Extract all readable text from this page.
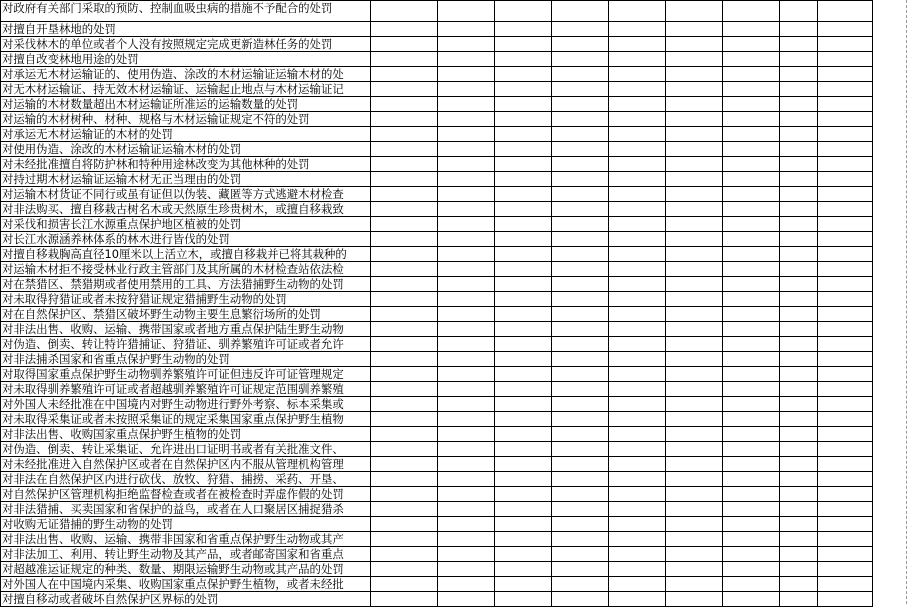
对政府有关部门采取的预防、控制血吸虫病的措施不予配合的处罚									
对擅自开垦林地的处罚									
对采伐林木的单位或者个人没有按照规定完成更新造林任务的处罚									
对擅自改变林地用途的处罚									
对承运无木材运输证的、使用伪造、涂改的木材运输证运输木材的处									
对无木材运输证、持无效木材运输证、运输起止地点与木材运输证记									
对运输的木材数量超出木材运输证所准运的运输数量的处罚									
对运输的木材树种、材种、规格与木材运输证规定不符的处罚									
对承运无木材运输证的木材的处罚									
对使用伪造、涂改的木材运输证运输木材的处罚									
对未经批准擅自将防护林和特种用途林改变为其他林种的处罚									
对持过期木材运输证运输木材无正当理由的处罚									
对运输木材货证不同行或虽有证但以伪装、藏匿等方式逃避木材检查									
对非法购买、擅自移栽古树名木或天然原生珍贵树木，或擅自移栽致									
对采伐和损害长江水源重点保护地区植被的处罚									
对长江水源涵养林体系的林木进行皆伐的处罚									
对擅自移栽胸高直径10厘米以上活立木，或擅自移栽并已将其栽种的									
对运输木材拒不接受林业行政主管部门及其所属的木材检查站依法检									
对在禁猎区、禁猎期或者使用禁用的工具、方法猎捕野生动物的处罚									
对未取得狩猎证或者未按狩猎证规定猎捕野生动物的处罚									
对在自然保护区、禁猎区破坏野生动物主要生息繁衍场所的处罚									
对非法出售、收购、运输、携带国家或者地方重点保护陆生野生动物									
对伪造、倒卖、转让特许猎捕证、狩猎证、驯养繁殖许可证或者允许									
对非法捕杀国家和省重点保护野生动物的处罚									
对取得国家重点保护野生动物驯养繁殖许可证但违反许可证管理规定									
对未取得驯养繁殖许可证或者超越驯养繁殖许可证规定范围驯养繁殖									
对外国人未经批准在中国境内对野生动物进行野外考察、标本采集或									
对未取得采集证或者未按照采集证的规定采集国家重点保护野生植物									
对非法出售、收购国家重点保护野生植物的处罚									
对伪造、倒卖、转让采集证、允许进出口证明书或者有关批准文件、									
对未经批准进入自然保护区或者在自然保护区内不服从管理机构管理									
对非法在自然保护区内进行砍伐、放牧、狩猎、捕捞、采药、开垦、									
对自然保护区管理机构拒绝监督检查或者在被检查时弄虚作假的处罚									
对非法猎捕、买卖国家和省保护的益鸟，或者在人口聚居区捕捉猎杀									
对收购无证猎捕的野生动物的处罚									
对非法出售、收购、运输、携带非国家和省重点保护野生动物或其产									
对非法加工、利用、转让野生动物及其产品，或者邮寄国家和省重点									
对超越准运证规定的种类、数量、期限运输野生动物或其产品的处罚									
对外国人在中国境内采集、收购国家重点保护野生植物，或者未经批									
对擅自移动或者破坏自然保护区界标的处罚									
